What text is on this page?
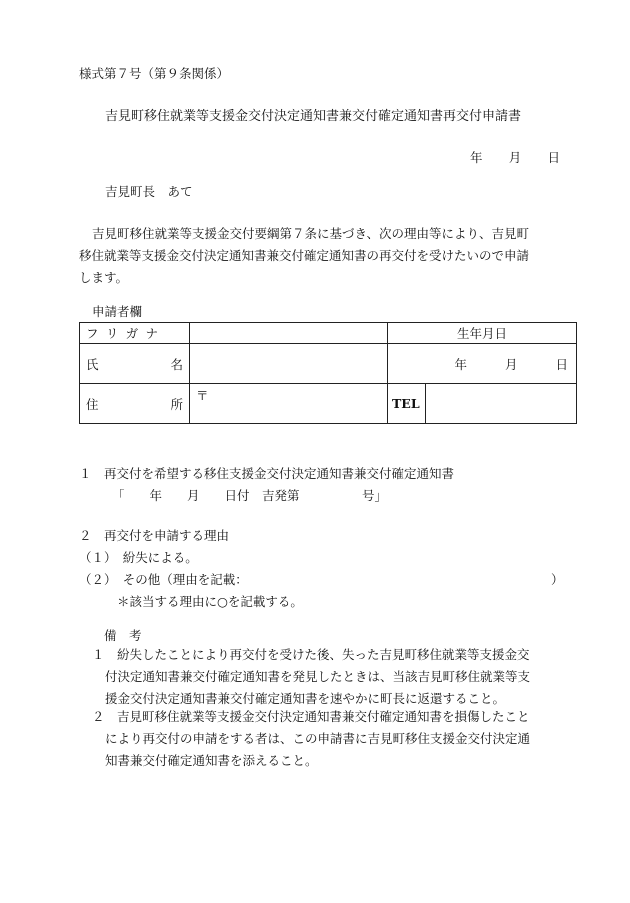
様式第７号（第９条関係）
吉見町移住就業等支援金交付決定通知書兼交付確定通知書再交付申請書
年 月 日
吉見町長　あて
吉見町移住就業等支援金交付要綱第７条に基づき、次の理由等により、吉見町
移住就業等支援金交付決定通知書兼交付確定通知書の再交付を受けたいので申請
します。
申請者欄
フ リ ガ ナ		生年月日	

氏 名		年 月 日	

住 所	〒	TEL	
１　再交付を希望する移住支援金交付決定通知書兼交付確定通知書
「　　年　　月　　日付　吉発第　　　　　号」
２　再交付を申請する理由
（１）　紛失による。
（２）　その他（理由を記載：	）
＊該当する理由に○を記載する。
備　考
１ 紛失したことにより再交付を受けた後、失った吉見町移住就業等支援金交
付決定通知書兼交付確定通知書を発見したときは、当該吉見町移住就業等支
援金交付決定通知書兼交付確定通知書を速やかに町長に返還すること。
２ 吉見町移住就業等支援金交付決定通知書兼交付確定通知書を損傷したこと
により再交付の申請をする者は、この申請書に吉見町移住支援金交付決定通
知書兼交付確定通知書を添えること。
